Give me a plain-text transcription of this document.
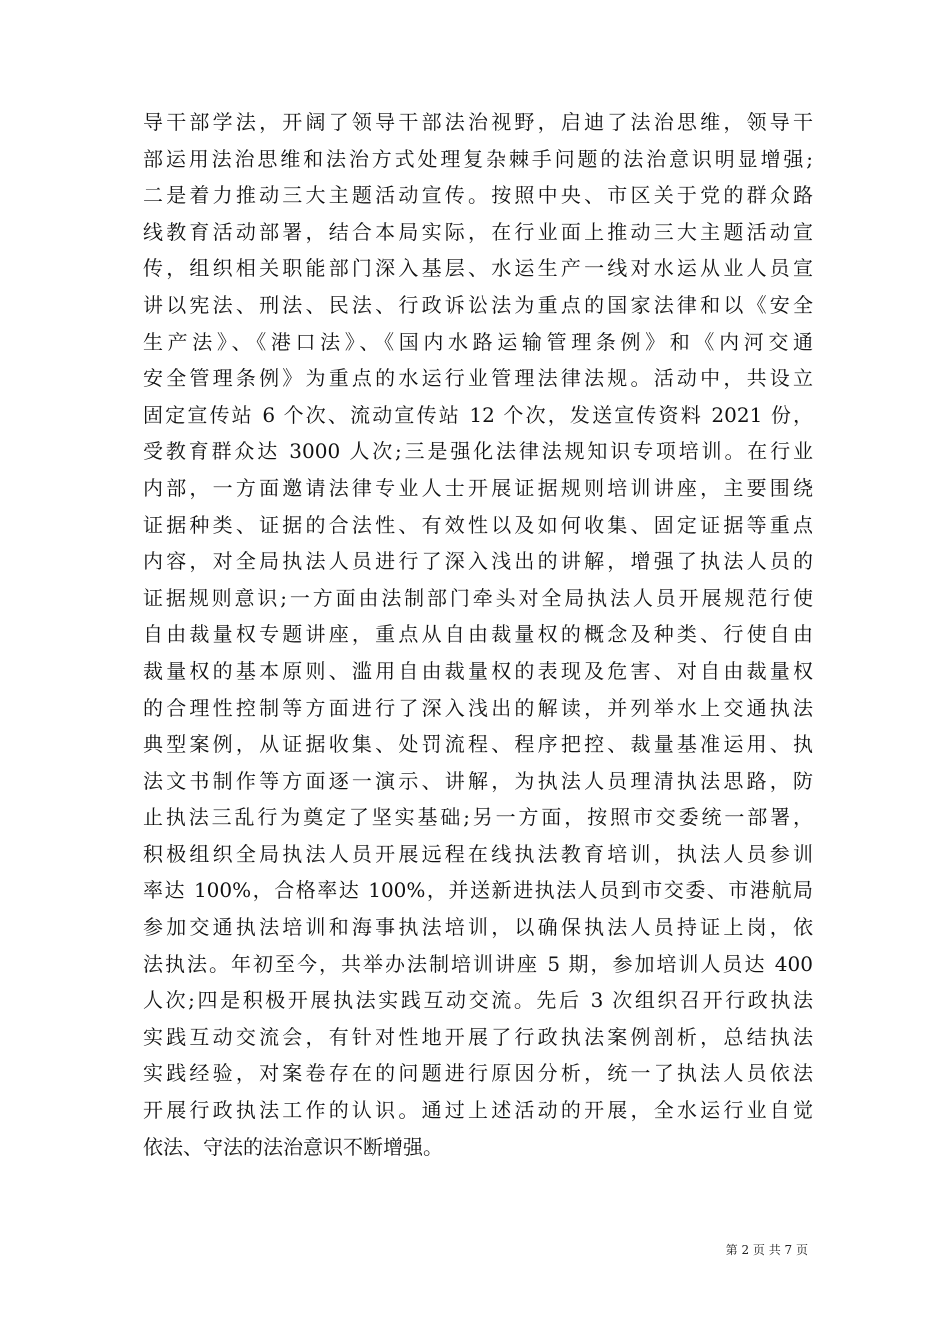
导干部学法，开阔了领导干部法治视野，启迪了法治思维，领导干
部运用法治思维和法治方式处理复杂棘手问题的法治意识明显增强;
二是着力推动三大主题活动宣传。按照中央、市区关于党的群众路
线教育活动部署，结合本局实际，在行业面上推动三大主题活动宣
传，组织相关职能部门深入基层、水运生产一线对水运从业人员宣
讲以宪法、刑法、民法、行政诉讼法为重点的国家法律和以《安全
生产法》、《港口法》、《国内水路运输管理条例》和《内河交通
安全管理条例》为重点的水运行业管理法律法规。活动中，共设立
固定宣传站 6 个次、流动宣传站 12 个次，发送宣传资料 2021 份，
受教育群众达 3000 人次;三是强化法律法规知识专项培训。在行业
内部，一方面邀请法律专业人士开展证据规则培训讲座，主要围绕
证据种类、证据的合法性、有效性以及如何收集、固定证据等重点
内容，对全局执法人员进行了深入浅出的讲解，增强了执法人员的
证据规则意识;一方面由法制部门牵头对全局执法人员开展规范行使
自由裁量权专题讲座，重点从自由裁量权的概念及种类、行使自由
裁量权的基本原则、滥用自由裁量权的表现及危害、对自由裁量权
的合理性控制等方面进行了深入浅出的解读，并列举水上交通执法
典型案例，从证据收集、处罚流程、程序把控、裁量基准运用、执
法文书制作等方面逐一演示、讲解，为执法人员理清执法思路，防
止执法三乱行为奠定了坚实基础;另一方面，按照市交委统一部署，
积极组织全局执法人员开展远程在线执法教育培训，执法人员参训
率达 100%，合格率达 100%，并送新进执法人员到市交委、市港航局
参加交通执法培训和海事执法培训，以确保执法人员持证上岗，依
法执法。年初至今，共举办法制培训讲座 5 期，参加培训人员达 400
人次;四是积极开展执法实践互动交流。先后 3 次组织召开行政执法
实践互动交流会，有针对性地开展了行政执法案例剖析，总结执法
实践经验，对案卷存在的问题进行原因分析，统一了执法人员依法
开展行政执法工作的认识。通过上述活动的开展，全水运行业自觉
依法、守法的法治意识不断增强。
第 2 页 共 7 页
